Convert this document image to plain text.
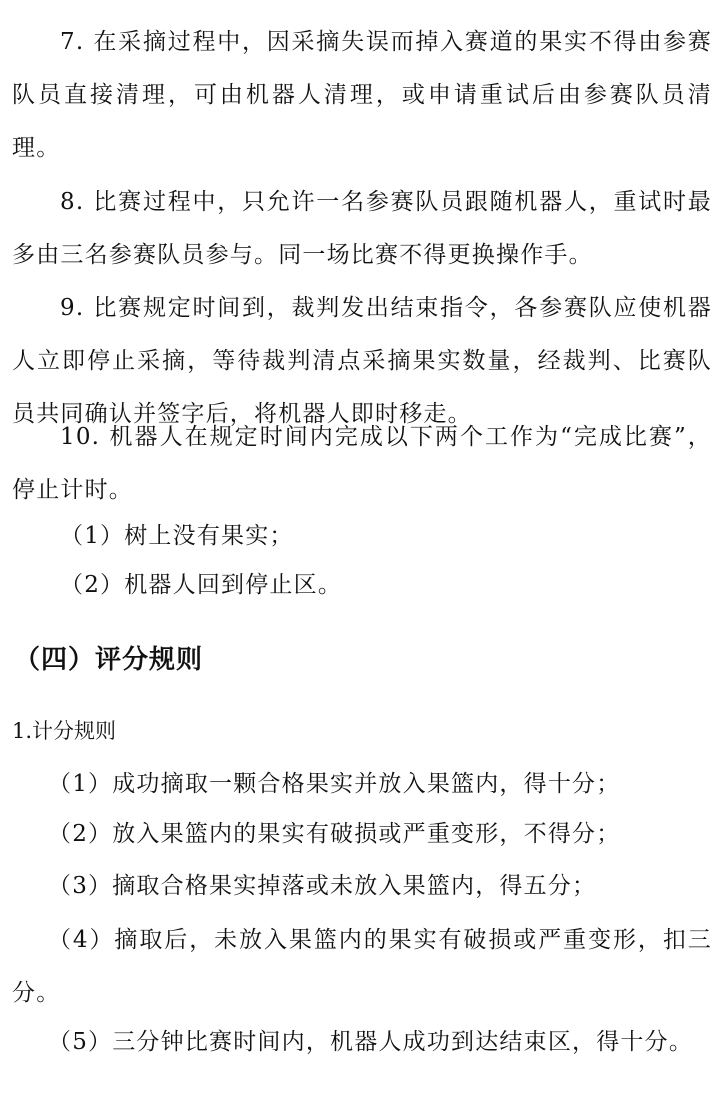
7. 在采摘过程中，因采摘失误而掉入赛道的果实不得由参赛队员直接清理，可由机器人清理，或申请重试后由参赛队员清理。

8. 比赛过程中，只允许一名参赛队员跟随机器人，重试时最多由三名参赛队员参与。同一场比赛不得更换操作手。

9. 比赛规定时间到，裁判发出结束指令，各参赛队应使机器人立即停止采摘，等待裁判清点采摘果实数量，经裁判、比赛队员共同确认并签字后，将机器人即时移走。

10. 机器人在规定时间内完成以下两个工作为“完成比赛”，停止计时。

（1）树上没有果实；

（2）机器人回到停止区。

（四）评分规则

1.计分规则

（1）成功摘取一颗合格果实并放入果篮内，得十分；

（2）放入果篮内的果实有破损或严重变形，不得分；

（3）摘取合格果实掉落或未放入果篮内，得五分；

（4）摘取后，未放入果篮内的果实有破损或严重变形，扣三分。

（5）三分钟比赛时间内，机器人成功到达结束区，得十分。
